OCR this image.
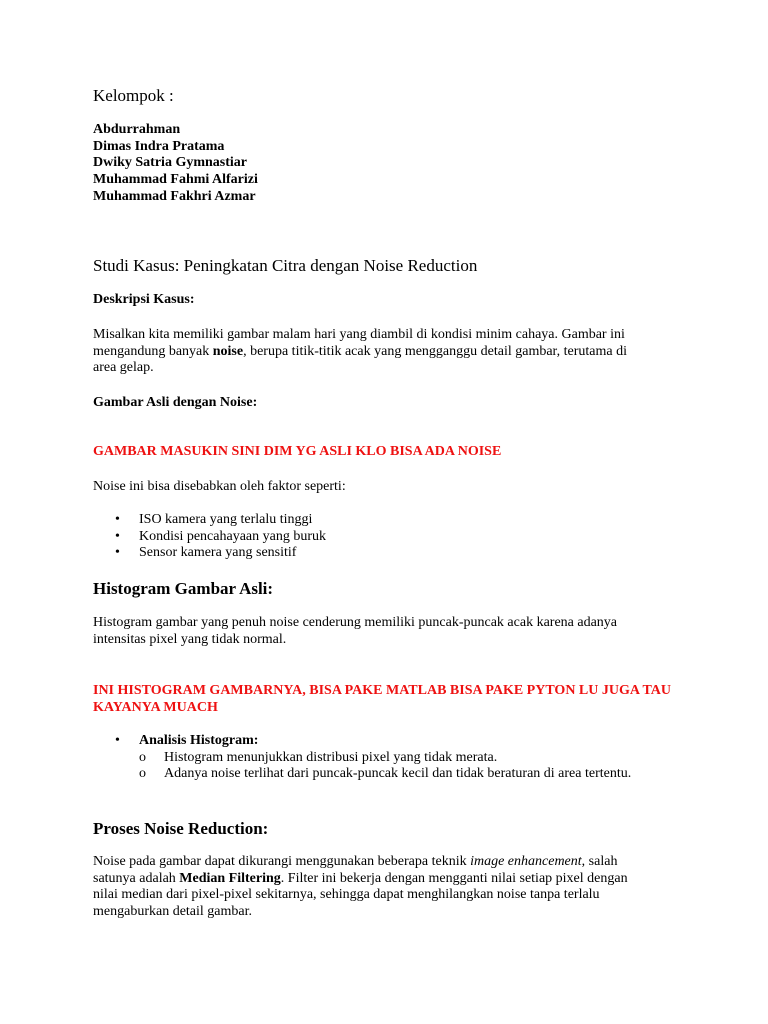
Kelompok :

Abdurrahman
Dimas Indra Pratama
Dwiky Satria Gymnastiar
Muhammad Fahmi Alfarizi
Muhammad Fakhri Azmar

Studi Kasus: Peningkatan Citra dengan Noise Reduction

Deskripsi Kasus:

Misalkan kita memiliki gambar malam hari yang diambil di kondisi minim cahaya. Gambar ini mengandung banyak noise, berupa titik-titik acak yang mengganggu detail gambar, terutama di area gelap.

Gambar Asli dengan Noise:

GAMBAR MASUKIN SINI DIM YG ASLI KLO BISA ADA NOISE

Noise ini bisa disebabkan oleh faktor seperti:

• ISO kamera yang terlalu tinggi
• Kondisi pencahayaan yang buruk
• Sensor kamera yang sensitif

Histogram Gambar Asli:

Histogram gambar yang penuh noise cenderung memiliki puncak-puncak acak karena adanya intensitas pixel yang tidak normal.

INI HISTOGRAM GAMBARNYA, BISA PAKE MATLAB BISA PAKE PYTON LU JUGA TAU KAYANYA MUACH

• Analisis Histogram:
o Histogram menunjukkan distribusi pixel yang tidak merata.
o Adanya noise terlihat dari puncak-puncak kecil dan tidak beraturan di area tertentu.

Proses Noise Reduction:

Noise pada gambar dapat dikurangi menggunakan beberapa teknik image enhancement, salah satunya adalah Median Filtering. Filter ini bekerja dengan mengganti nilai setiap pixel dengan nilai median dari pixel-pixel sekitarnya, sehingga dapat menghilangkan noise tanpa terlalu mengaburkan detail gambar.
